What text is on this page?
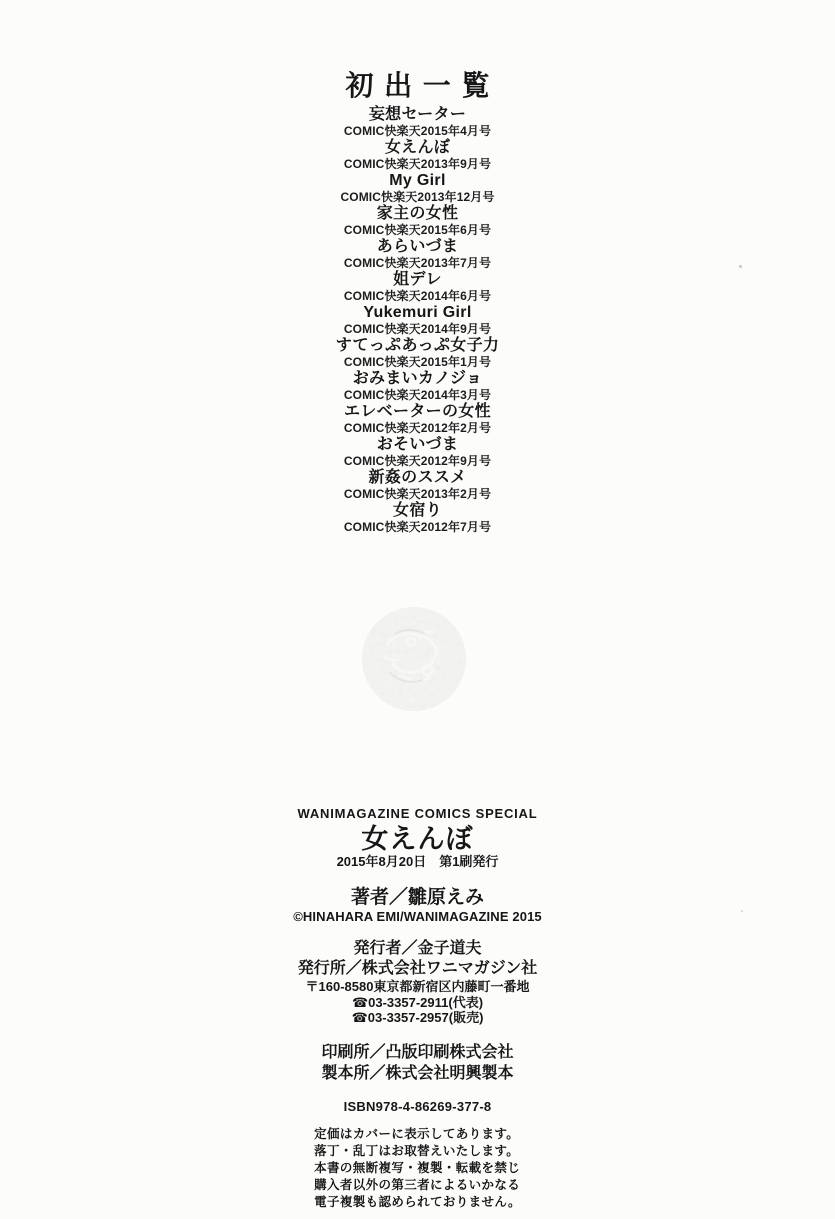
初出一覧
妄想セーター
COMIC快楽天2015年4月号
女えんぼ
COMIC快楽天2013年9月号
My Girl
COMIC快楽天2013年12月号
家主の女性
COMIC快楽天2015年6月号
あらいづま
COMIC快楽天2013年7月号
姐デレ
COMIC快楽天2014年6月号
Yukemuri Girl
COMIC快楽天2014年9月号
すてっぷあっぷ女子力
COMIC快楽天2015年1月号
おみまいカノジョ
COMIC快楽天2014年3月号
エレベーターの女性
COMIC快楽天2012年2月号
おそいづま
COMIC快楽天2012年9月号
新姦のススメ
COMIC快楽天2013年2月号
女宿り
COMIC快楽天2012年7月号
WANIMAGAZINE COMICS SPECIAL
女えんぼ
2015年8月20日　第1刷発行
著者／雛原えみ
©HINAHARA EMI/WANIMAGAZINE 2015
発行者／金子道夫
発行所／株式会社ワニマガジン社
〒160-8580東京都新宿区内藤町一番地
☎03-3357-2911(代表)
☎03-3357-2957(販売)
印刷所／凸版印刷株式会社
製本所／株式会社明興製本
ISBN978-4-86269-377-8
定価はカバーに表示してあります。
落丁・乱丁はお取替えいたします。
本書の無断複写・複製・転載を禁じ
購入者以外の第三者によるいかなる
電子複製も認められておりません。
